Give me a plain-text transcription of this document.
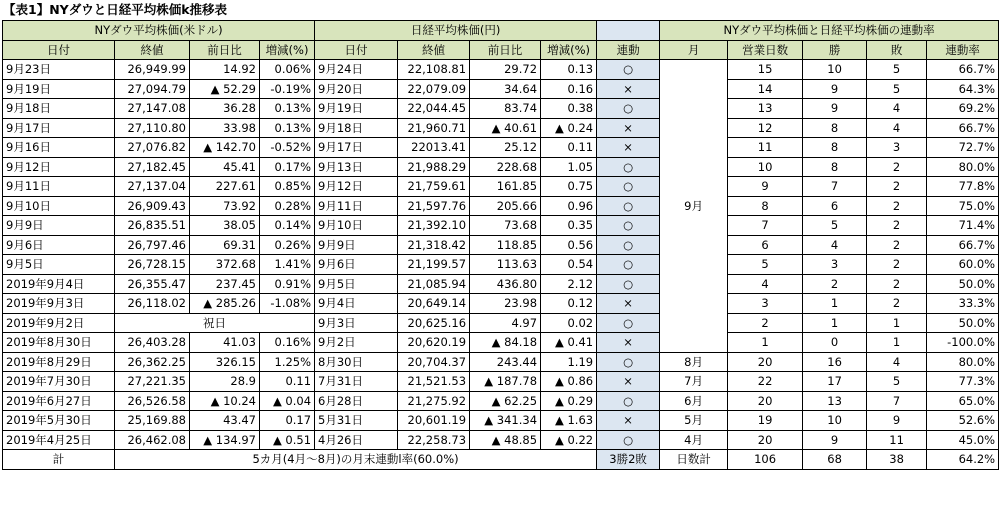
【表1】NYダウと日経平均株価k推移表
NYダウ平均株価(米ドル)				日経平均株価(円)					NYダウ平均株価と日経平均株価の連動率				
日付	終値	前日比	増減(%)	日付	終値	前日比	増減(%)	連動	月	営業日数	勝	敗	連動率
9月23日	26,949.99	14.92	0.06%	9月24日	22,108.81	29.72	0.13	○	9月	15	10	5	66.7%
9月19日	27,094.79	▲ 52.29	-0.19%	9月20日	22,079.09	34.64	0.16	×		14	9	5	64.3%
9月18日	27,147.08	36.28	0.13%	9月19日	22,044.45	83.74	0.38	○		13	9	4	69.2%
9月17日	27,110.80	33.98	0.13%	9月18日	21,960.71	▲ 40.61	▲ 0.24	×		12	8	4	66.7%
9月16日	27,076.82	▲ 142.70	-0.52%	9月17日	22013.41	25.12	0.11	×		11	8	3	72.7%
9月12日	27,182.45	45.41	0.17%	9月13日	21,988.29	228.68	1.05	○		10	8	2	80.0%
9月11日	27,137.04	227.61	0.85%	9月12日	21,759.61	161.85	0.75	○		9	7	2	77.8%
9月10日	26,909.43	73.92	0.28%	9月11日	21,597.76	205.66	0.96	○		8	6	2	75.0%
9月9日	26,835.51	38.05	0.14%	9月10日	21,392.10	73.68	0.35	○		7	5	2	71.4%
9月6日	26,797.46	69.31	0.26%	9月9日	21,318.42	118.85	0.56	○		6	4	2	66.7%
9月5日	26,728.15	372.68	1.41%	9月6日	21,199.57	113.63	0.54	○		5	3	2	60.0%
2019年9月4日	26,355.47	237.45	0.91%	9月5日	21,085.94	436.80	2.12	○		4	2	2	50.0%
2019年9月3日	26,118.02	▲ 285.26	-1.08%	9月4日	20,649.14	23.98	0.12	×		3	1	2	33.3%
2019年9月2日	祝日			9月3日	20,625.16	4.97	0.02	○		2	1	1	50.0%
2019年8月30日	26,403.28	41.03	0.16%	9月2日	20,620.19	▲ 84.18	▲ 0.41	×		1	0	1	-100.0%
2019年8月29日	26,362.25	326.15	1.25%	8月30日	20,704.37	243.44	1.19	○	8月	20	16	4	80.0%
2019年7月30日	27,221.35	28.9	0.11	7月31日	21,521.53	▲ 187.78	▲ 0.86	×	7月	22	17	5	77.3%
2019年6月27日	26,526.58	▲ 10.24	▲ 0.04	6月28日	21,275.92	▲ 62.25	▲ 0.29	○	6月	20	13	7	65.0%
2019年5月30日	25,169.88	43.47	0.17	5月31日	20,601.19	▲ 341.34	▲ 1.63	×	5月	19	10	9	52.6%
2019年4月25日	26,462.08	▲ 134.97	▲ 0.51	4月26日	22,258.73	▲ 48.85	▲ 0.22	○	4月	20	9	11	45.0%
計	5カ月(4月～8月)の月末連動l率(60.0%)							3勝2敗	日数計	106	68	38	64.2%
